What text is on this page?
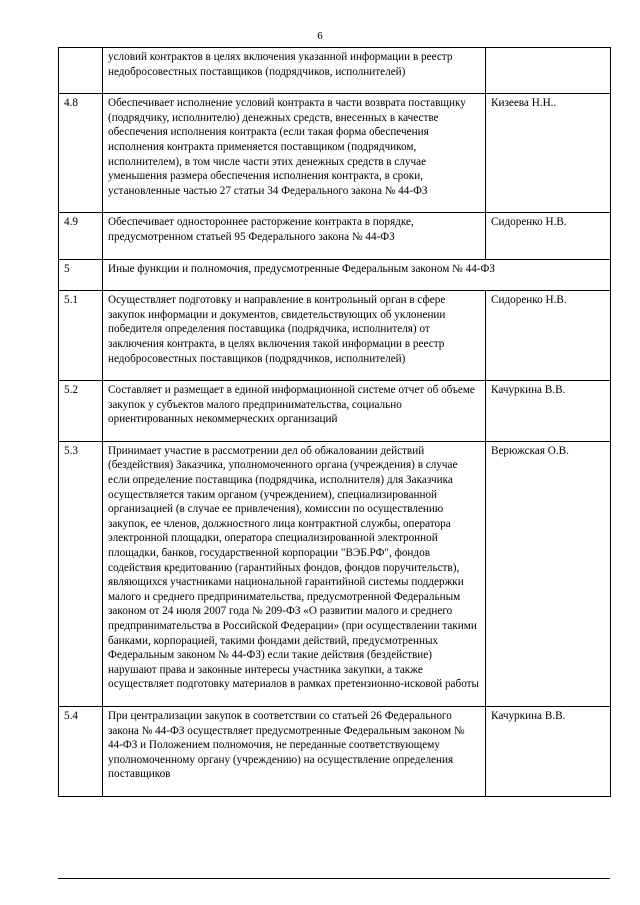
6
	условий контрактов в целях включения указанной информации в реестр недобросовестных поставщиков (подрядчиков, исполнителей)	
4.8	Обеспечивает исполнение условий контракта в части возврата поставщику (подрядчику, исполнителю) денежных средств, внесенных в качестве обеспечения исполнения контракта (если такая форма обеспечения исполнения контракта применяется поставщиком (подрядчиком, исполнителем), в том числе части этих денежных средств в случае уменьшения размера обеспечения исполнения контракта, в сроки, установленные частью 27 статьи 34 Федерального закона № 44-ФЗ	Кизеева Н.Н..
4.9	Обеспечивает одностороннее расторжение контракта в порядке, предусмотренном статьей 95 Федерального закона № 44-ФЗ	Сидоренко Н.В.
5	Иные функции и полномочия, предусмотренные Федеральным законом № 44-ФЗ	
5.1	Осуществляет подготовку и направление в контрольный орган в сфере закупок информации и документов, свидетельствующих об уклонении победителя определения поставщика (подрядчика, исполнителя) от заключения контракта, в целях включения такой информации в реестр недобросовестных поставщиков (подрядчиков, исполнителей)	Сидоренко Н.В.
5.2	Составляет и размещает в единой информационной системе отчет об объеме закупок у субъектов малого предпринимательства, социально ориентированных некоммерческих организаций	Качуркина В.В.
5.3	Принимает участие в рассмотрении дел об обжаловании действий (бездействия) Заказчика, уполномоченного органа (учреждения) в случае если определение поставщика (подрядчика, исполнителя) для Заказчика осуществляется таким органом (учреждением), специализированной организацией (в случае ее привлечения), комиссии по осуществлению закупок, ее членов, должностного лица контрактной службы, оператора электронной площадки, оператора специализированной электронной площадки, банков, государственной корпорации "ВЭБ.РФ", фондов содействия кредитованию (гарантийных фондов, фондов поручительств), являющихся участниками национальной гарантийной системы поддержки малого и среднего предпринимательства, предусмотренной Федеральным законом от 24 июля 2007 года № 209-ФЗ «О развитии малого и среднего предпринимательства в Российской Федерации» (при осуществлении такими банками, корпорацией, такими фондами действий, предусмотренных Федеральным законом № 44-ФЗ) если такие действия (бездействие) нарушают права и законные интересы участника закупки, а также осуществляет подготовку материалов в рамках претензионно-исковой работы	Верюжская О.В.
5.4	При централизации закупок в соответствии со статьей 26 Федерального закона № 44-ФЗ осуществляет предусмотренные Федеральным законом № 44-ФЗ и Положением полномочия, не переданные соответствующему уполномоченному органу (учреждению) на осуществление определения поставщиков	Качуркина В.В.
